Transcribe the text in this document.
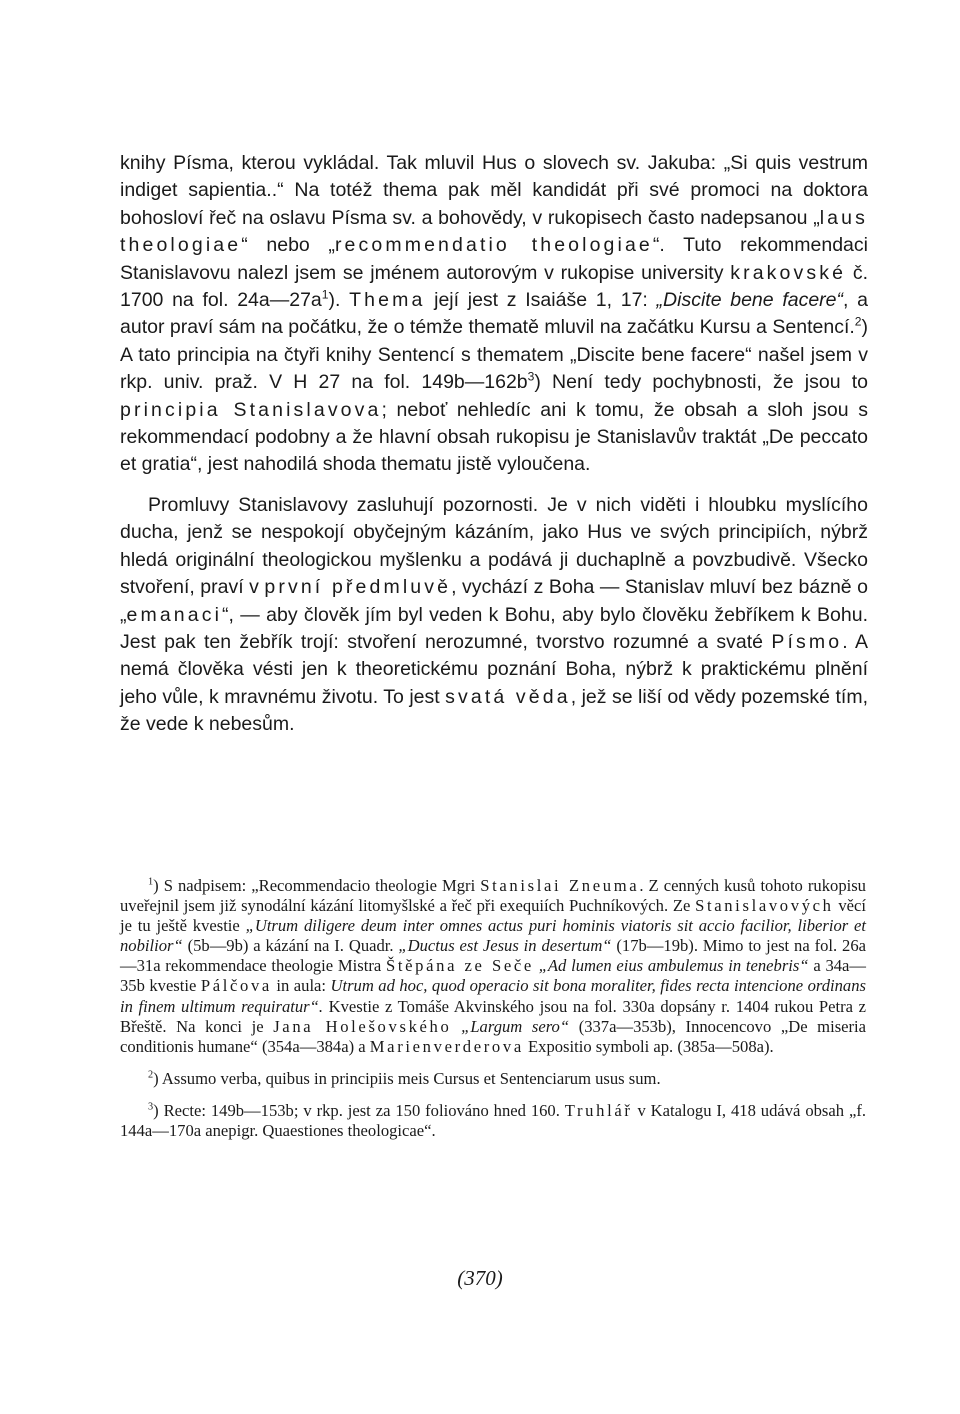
knihy Písma, kterou vykládal. Tak mluvil Hus o slovech sv. Jakuba: „Si quis vestrum indiget sapientia..“ Na totéž thema pak měl kandidát při své promoci na doktora bohosloví řeč na oslavu Písma sv. a bohovědy, v rukopisech často nadepsanou „laus theologiae“ nebo „recommendatio theologiae“. Tuto rekommendaci Stanislavovu nalezl jsem se jménem autorovým v rukopise university krakovské č. 1700 na fol. $24a—27a^1$). Thema její jest z Isaiáše 1, 17: „Discite bene facere“, a autor praví sám na počátku, že o témže thematě mluvil na začátku Kursu a Sentencí.$^2$) A tato principia na čtyři knihy Sentencí s thematem „Discite bene facere“ našel jsem v rkp. univ. praž. V H 27 na fol. $149b—162b^3$) Není tedy pochybnosti, že jsou to principia Stanislavova; neboť nehledíc ani k tomu, že obsah a sloh jsou s rekommendací podobny a že hlavní obsah rukopisu je Stanislavův traktát „De peccato et gratia“, jest nahodilá shoda thematu jistě vyloučena.

Promluvy Stanislavovy zasluhují pozornosti. Je v nich viděti i hloubku myslícího ducha, jenž se nespokojí obyčejným kázáním, jako Hus ve svých principiích, nýbrž hledá originální theologickou myšlenku a podává ji duchaplně a povzbudivě. Všecko stvoření, praví v první předmluvě, vychází z Boha — Stanislav mluví bez bázně o „emanaci“, — aby člověk jím byl veden k Bohu, aby bylo člověku žebříkem k Bohu. Jest pak ten žebřík trojí: stvoření nerozumné, tvorstvo rozumné a svaté Písmo. A nemá člověka vésti jen k theoretickému poznání Boha, nýbrž k praktickému plnění jeho vůle, k mravnému životu. To jest svatá věda, jež se liší od vědy pozemské tím, že vede k nebesům.

$^1$) S nadpisem: „Recommendacio theologie Mgri Stanislai Zneuma. Z cenných kusů tohoto rukopisu uveřejnil jsem již synodální kázání litomyšlské a řeč při exequiích Puchníkových. Ze Stanislavových věcí je tu ještě kvestie „Utrum diligere deum inter omnes actus puri hominis viatoris sit accio facilior, liberior et nobilior“ (5b—9b) a kázání na I. Quadr. „Ductus est Jesus in desertum“ (17b—19b). Mimo to jest na fol. 26a—31a rekommendace theologie Mistra Štěpána ze Seče „Ad lumen eius ambulemus in tenebris“ a 34a—35b kvestie Pálčova in aula: Utrum ad hoc, quod operacio sit bona moraliter, fides recta intencione ordinans in finem ultimum requiratur“. Kvestie z Tomáše Akvinského jsou na fol. 330a dopsány r. 1404 rukou Petra z Břeště. Na konci je Jana Holešovského „Largum sero“ (337a—353b), Innocencovo „De miseria conditionis humane“ (354a—384a) a Marienverderova Expositio symboli ap. (385a—508a).

$^2$) Assumo verba, quibus in principiis meis Cursus et Sentenciarum usus sum.

$^3$) Recte: 149b—153b; v rkp. jest za 150 foliováno hned 160. Truhlář v Katalogu I, 418 udává obsah „f. 144a—170a anepigr. Quaestiones theologicae“.

(370)
